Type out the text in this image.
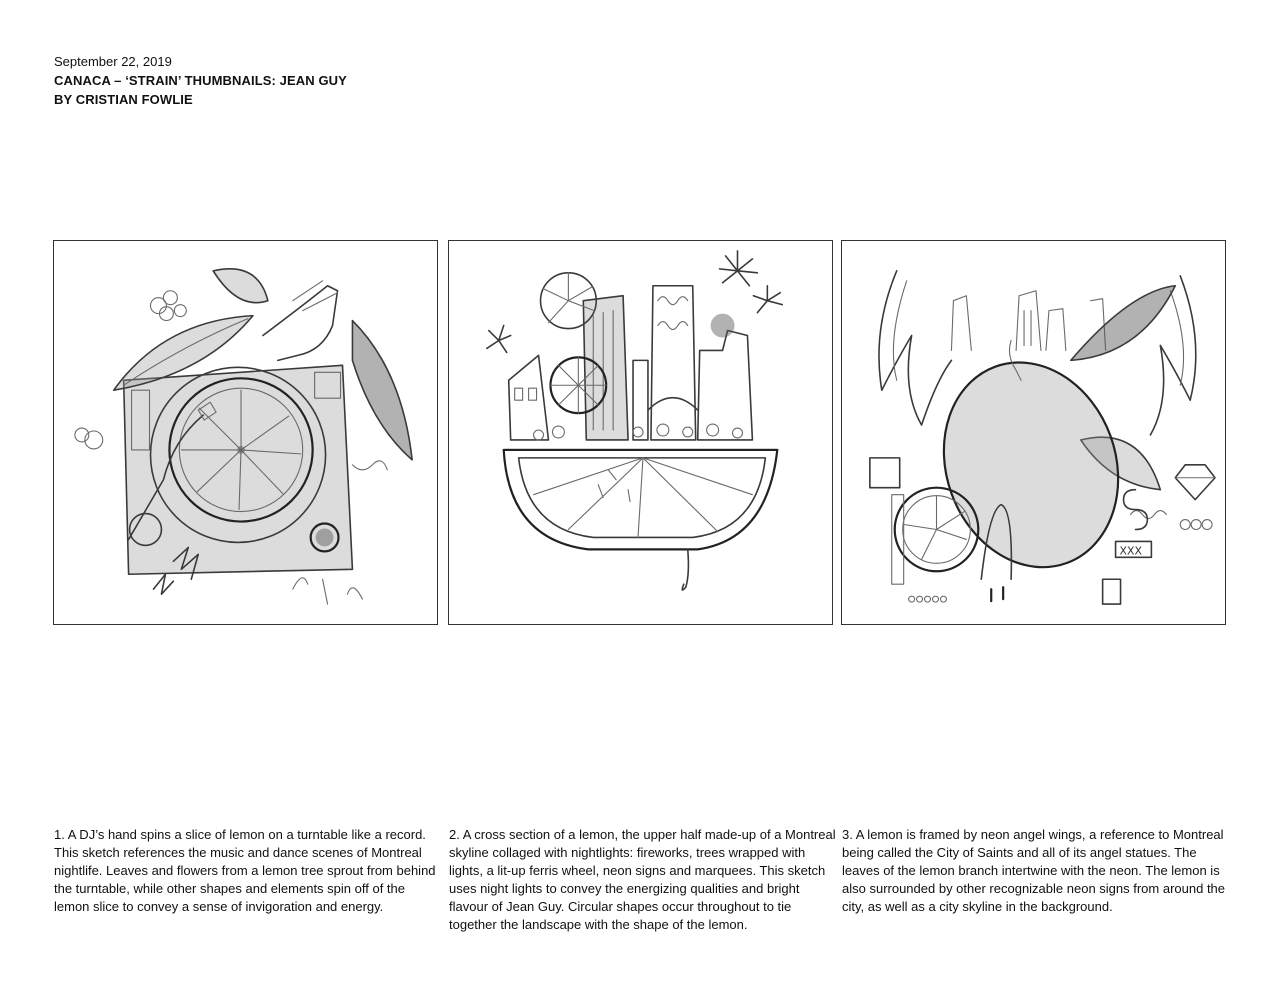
September 22, 2019
CANACA – ‘STRAIN’ THUMBNAILS: JEAN GUY
BY CRISTIAN FOWLIE
XXX
1. A DJ’s hand spins a slice of lemon on a turntable like a record. This sketch references the music and dance scenes of Montreal nightlife. Leaves and flowers from a lemon tree sprout from behind the turntable, while other shapes and elements spin off of the lemon slice to convey a sense of invigoration and energy.
2. A cross section of a lemon, the upper half made-up of a Montreal skyline collaged with nightlights: fireworks, trees wrapped with lights, a lit-up ferris wheel, neon signs and marquees. This sketch uses night lights to convey the energizing qualities and bright flavour of Jean Guy. Circular shapes occur throughout to tie together the landscape with the shape of the lemon.
3. A lemon is framed by neon angel wings, a reference to Montreal being called the City of Saints and all of its angel statues. The leaves of the lemon branch intertwine with the neon. The lemon is also surrounded by other recognizable neon signs from around the city, as well as a city skyline in the background.
